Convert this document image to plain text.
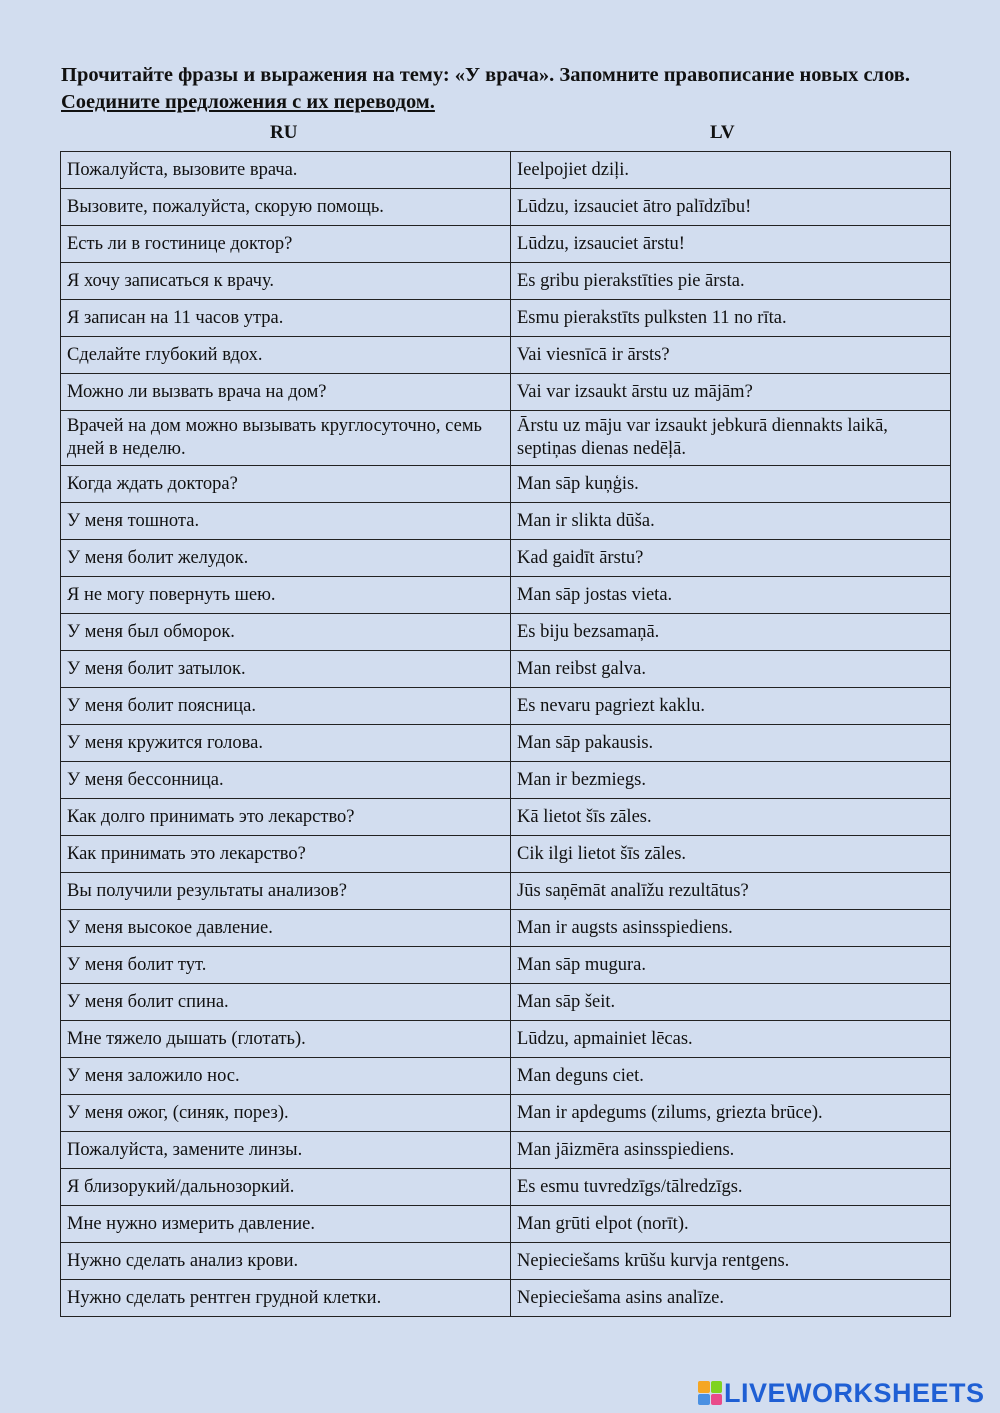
Прочитайте фразы и выражения на тему: «У врача». Запомните правописание новых слов. Соедините предложения с их переводом.
RU	LV
Пожалуйста, вызовите врача.	Ieelpojiet dziļi.
Вызовите, пожалуйста, скорую помощь.	Lūdzu, izsauciet ātro palīdzību!
Есть ли в гостинице доктор?	Lūdzu, izsauciet ārstu!
Я хочу записаться к врачу.	Es gribu pierakstīties pie ārsta.
Я записан на 11 часов утра.	Esmu pierakstīts pulksten 11 no rīta.
Сделайте глубокий вдох.	Vai viesnīcā ir ārsts?
Можно ли вызвать врача на дом?	Vai var izsaukt ārstu uz mājām?
Врачей на дом можно вызывать круглосуточно, семь дней в неделю.	Ārstu uz māju var izsaukt jebkurā diennakts laikā, septiņas dienas nedēļā.
Когда ждать доктора?	Man sāp kuņģis.
У меня тошнота.	Man ir slikta dūša.
У меня болит желудок.	Kad gaidīt ārstu?
Я не могу повернуть шею.	Man sāp jostas vieta.
У меня был обморок.	Es biju bezsamaņā.
У меня болит затылок.	Man reibst galva.
У меня болит поясница.	Es nevaru pagriezt kaklu.
У меня кружится голова.	Man sāp pakausis.
У меня бессонница.	Man ir bezmiegs.
Как долго принимать это лекарство?	Kā lietot šīs zāles.
Как принимать это лекарство?	Cik ilgi lietot šīs zāles.
Вы получили результаты анализов?	Jūs saņēmāt analīžu rezultātus?
У меня высокое давление.	Man ir augsts asinsspiediens.
У меня болит тут.	Man sāp mugura.
У меня болит спина.	Man sāp šeit.
Мне тяжело дышать (глотать).	Lūdzu, apmainiet lēcas.
У меня заложило нос.	Man deguns ciet.
У меня ожог, (синяк, порез).	Man ir apdegums (zilums, griezta brūce).
Пожалуйста, замените линзы.	Man jāizmēra asinsspiediens.
Я близорукий/дальнозоркий.	Es esmu tuvredzīgs/tālredzīgs.
Мне нужно измерить давление.	Man grūti elpot (norīt).
Нужно сделать анализ крови.	Nepieciešams krūšu kurvja rentgens.
Нужно сделать рентген грудной клетки.	Nepieciešama asins analīze.
LIVEWORKSHEETS
